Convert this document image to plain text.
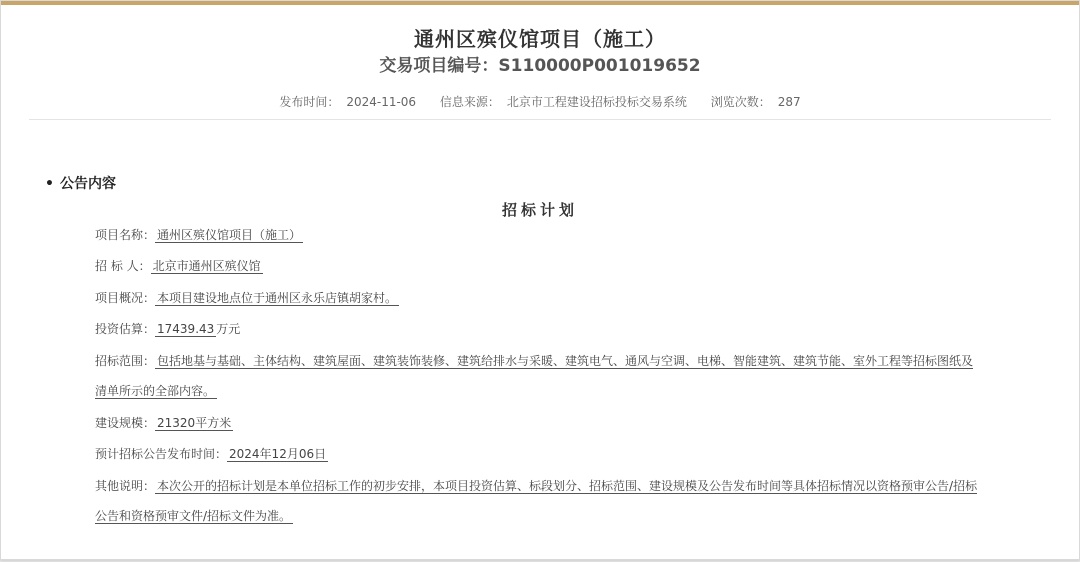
通州区殡仪馆项目（施工）
交易项目编号：S110000P001019652
发布时间： 2024-11-06 信息来源： 北京市工程建设招标投标交易系统 浏览次数： 287
• 公告内容
招标计划
项目名称： 通州区殡仪馆项目（施工）
招 标 人： 北京市通州区殡仪馆
项目概况： 本项目建设地点位于通州区永乐店镇胡家村。
投资估算： 17439.43 万元
招标范围： 包括地基与基础、主体结构、建筑屋面、建筑装饰装修、建筑给排水与采暖、建筑电气、通风与空调、电梯、智能建筑、建筑节能、室外工程等招标图纸及清单所示的全部内容。
建设规模： 21320平方米
预计招标公告发布时间： 2024年12月06日
其他说明： 本次公开的招标计划是本单位招标工作的初步安排，本项目投资估算、标段划分、招标范围、建设规模及公告发布时间等具体招标情况以资格预审公告/招标公告和资格预审文件/招标文件为准。
